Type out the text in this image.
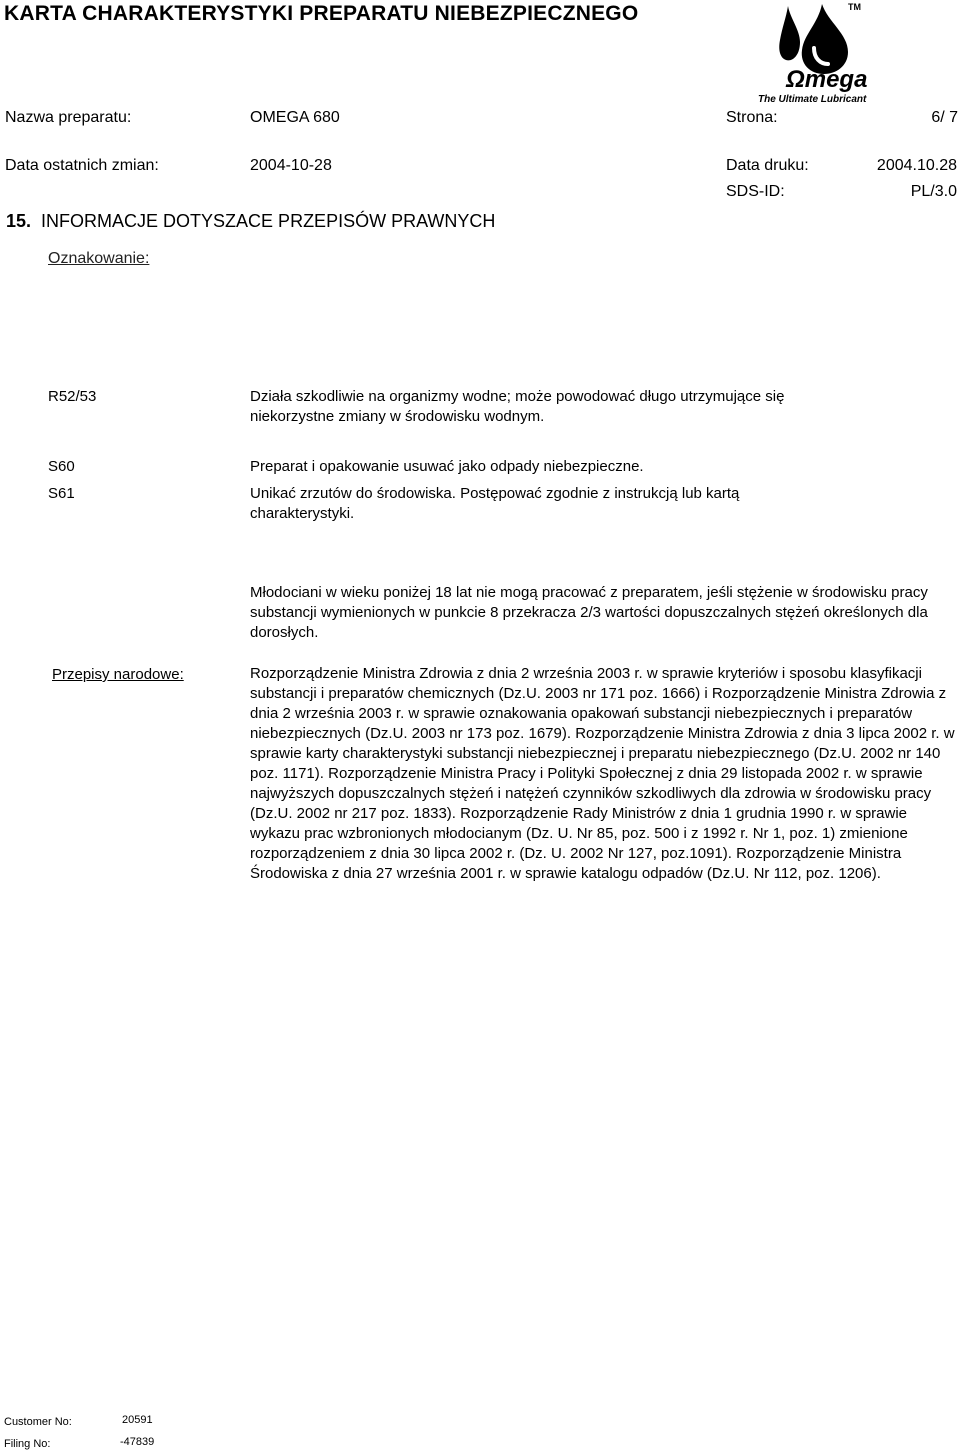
KARTA CHARAKTERYSTYKI PREPARATU NIEBEZPIECZNEGO	TM
Ωmega
The Ultimate Lubricant
Nazwa preparatu:	OMEGA 680	Strona:	6/ 7
Data ostatnich zmian:	2004-10-28	Data druku:	2004.10.28
SDS-ID:	PL/3.0
15. INFORMACJE DOTYSZACE PRZEPISÓW PRAWNYCH
Oznakowanie:
R52/53	Działa szkodliwie na organizmy wodne; może powodować długo utrzymujące się niekorzystne zmiany w środowisku wodnym.
S60	Preparat i opakowanie usuwać jako odpady niebezpieczne.
S61	Unikać zrzutów do środowiska. Postępować zgodnie z instrukcją lub kartą charakterystyki.
Młodociani w wieku poniżej 18 lat nie mogą pracować z preparatem, jeśli stężenie w środowisku pracy substancji wymienionych w punkcie 8 przekracza 2/3 wartości dopuszczalnych stężeń określonych dla dorosłych.
Przepisy narodowe:	Rozporządzenie Ministra Zdrowia z dnia 2 września 2003 r. w sprawie kryteriów i sposobu klasyfikacji substancji i preparatów chemicznych (Dz.U. 2003 nr 171 poz. 1666) i Rozporządzenie Ministra Zdrowia z dnia 2 września 2003 r. w sprawie oznakowania opakowań substancji niebezpiecznych i preparatów niebezpiecznych (Dz.U. 2003 nr 173 poz. 1679). Rozporządzenie Ministra Zdrowia z dnia 3 lipca 2002 r. w sprawie karty charakterystyki substancji niebezpiecznej i preparatu niebezpiecznego (Dz.U. 2002 nr 140 poz. 1171). Rozporządzenie Ministra Pracy i Polityki Społecznej z dnia 29 listopada 2002 r. w sprawie najwyższych dopuszczalnych stężeń i natężeń czynników szkodliwych dla zdrowia w środowisku pracy (Dz.U. 2002 nr 217 poz. 1833). Rozporządzenie Rady Ministrów z dnia 1 grudnia 1990 r. w sprawie wykazu prac wzbronionych młodocianym (Dz. U. Nr 85, poz. 500 i z 1992 r. Nr 1, poz. 1) zmienione rozporządzeniem z dnia 30 lipca 2002 r. (Dz. U. 2002 Nr 127, poz.1091). Rozporządzenie Ministra Środowiska z dnia 27 września 2001 r. w sprawie katalogu odpadów (Dz.U. Nr 112, poz. 1206).
Customer No:	20591
Filing No:	-47839
